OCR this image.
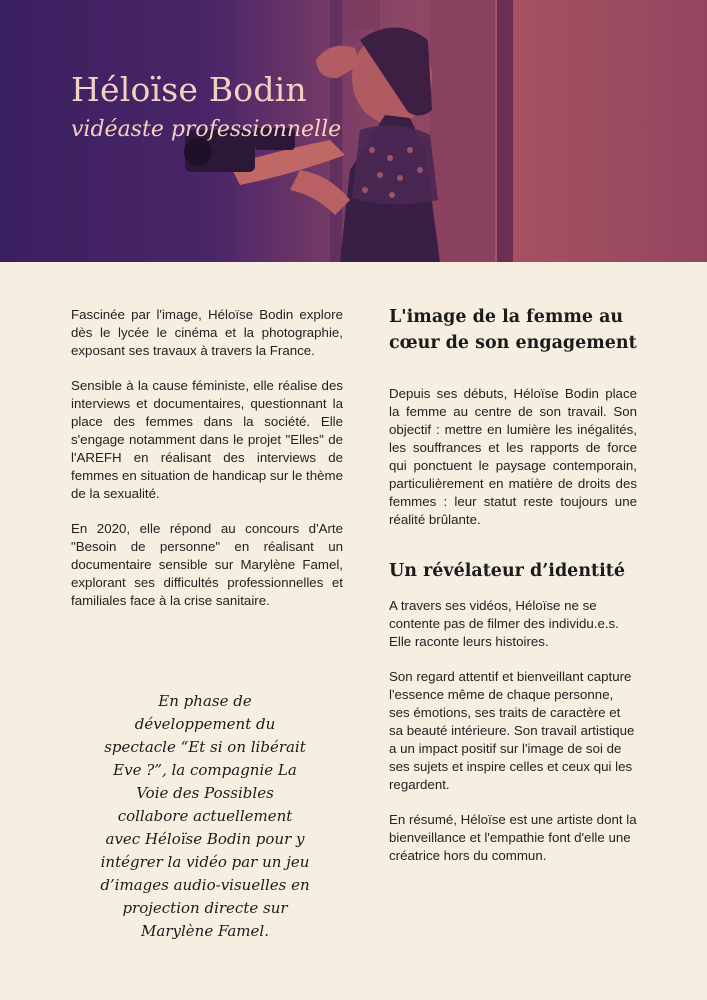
Héloïse Bodin
vidéaste professionnelle

Fascinée par l'image, Héloïse Bodin explore dès le lycée le cinéma et la photographie, exposant ses travaux à travers la France.

Sensible à la cause féministe, elle réalise des interviews et documentaires, questionnant la place des femmes dans la société. Elle s'engage notamment dans le projet "Elles" de l'AREFH en réalisant des interviews de femmes en situation de handicap sur le thème de la sexualité.

En 2020, elle répond au concours d'Arte "Besoin de personne" en réalisant un documentaire sensible sur Marylène Famel, explorant ses difficultés professionnelles et familiales face à la crise sanitaire.

En phase de développement du spectacle “Et si on libérait Eve ?”, la compagnie La Voie des Possibles collabore actuellement avec Héloïse Bodin pour y intégrer la vidéo par un jeu d’images audio-visuelles en projection directe sur Marylène Famel.
L'image de la femme au cœur de son engagement

Depuis ses débuts, Héloïse Bodin place la femme au centre de son travail. Son objectif : mettre en lumière les inégalités, les souffrances et les rapports de force qui ponctuent le paysage contemporain, particulièrement en matière de droits des femmes : leur statut reste toujours une réalité brûlante.

Un révélateur d’identité

A travers ses vidéos, Héloïse ne se contente pas de filmer des individu.e.s. Elle raconte leurs histoires.

Son regard attentif et bienveillant capture l'essence même de chaque personne, ses émotions, ses traits de caractère et sa beauté intérieure. Son travail artistique a un impact positif sur l'image de soi de ses sujets et inspire celles et ceux qui les regardent.

En résumé, Héloïse est une artiste dont la bienveillance et l'empathie font d'elle une créatrice hors du commun.
